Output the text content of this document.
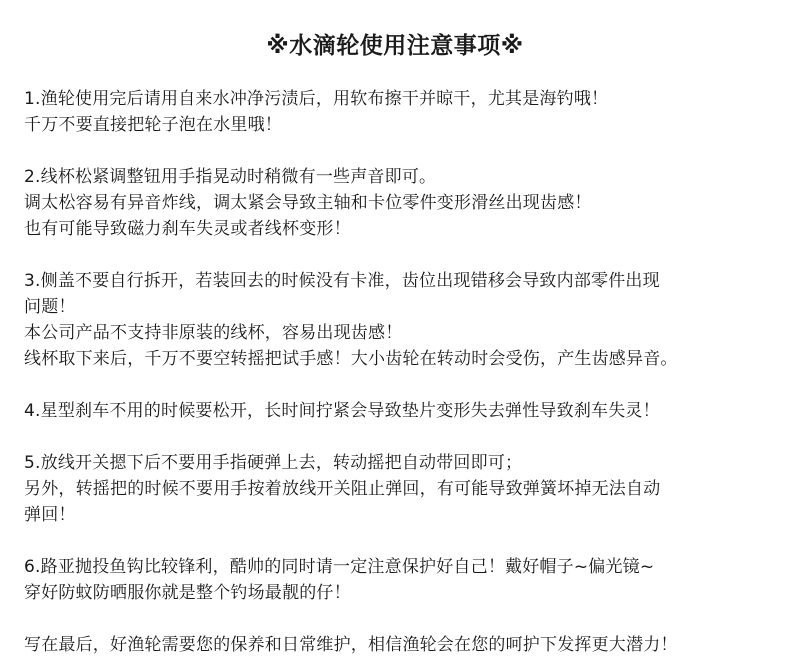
※水滴轮使用注意事项※
1.渔轮使用完后请用自来水冲净污渍后，用软布擦干并晾干，尤其是海钓哦！
千万不要直接把轮子泡在水里哦！
2.线杯松紧调整钮用手指晃动时稍微有一些声音即可。
调太松容易有异音炸线，调太紧会导致主轴和卡位零件变形滑丝出现齿感！
也有可能导致磁力刹车失灵或者线杯变形！
3.侧盖不要自行拆开，若装回去的时候没有卡准，齿位出现错移会导致内部零件出现
问题！
本公司产品不支持非原装的线杯，容易出现齿感！
线杯取下来后，千万不要空转摇把试手感！大小齿轮在转动时会受伤，产生齿感异音。
4.星型刹车不用的时候要松开，长时间拧紧会导致垫片变形失去弹性导致刹车失灵！
5.放线开关摁下后不要用手指硬弹上去，转动摇把自动带回即可；
另外，转摇把的时候不要用手按着放线开关阻止弹回，有可能导致弹簧坏掉无法自动
弹回！
6.路亚抛投鱼钩比较锋利，酷帅的同时请一定注意保护好自己！戴好帽子~偏光镜~
穿好防蚊防晒服你就是整个钓场最靓的仔！
写在最后，好渔轮需要您的保养和日常维护，相信渔轮会在您的呵护下发挥更大潜力！
